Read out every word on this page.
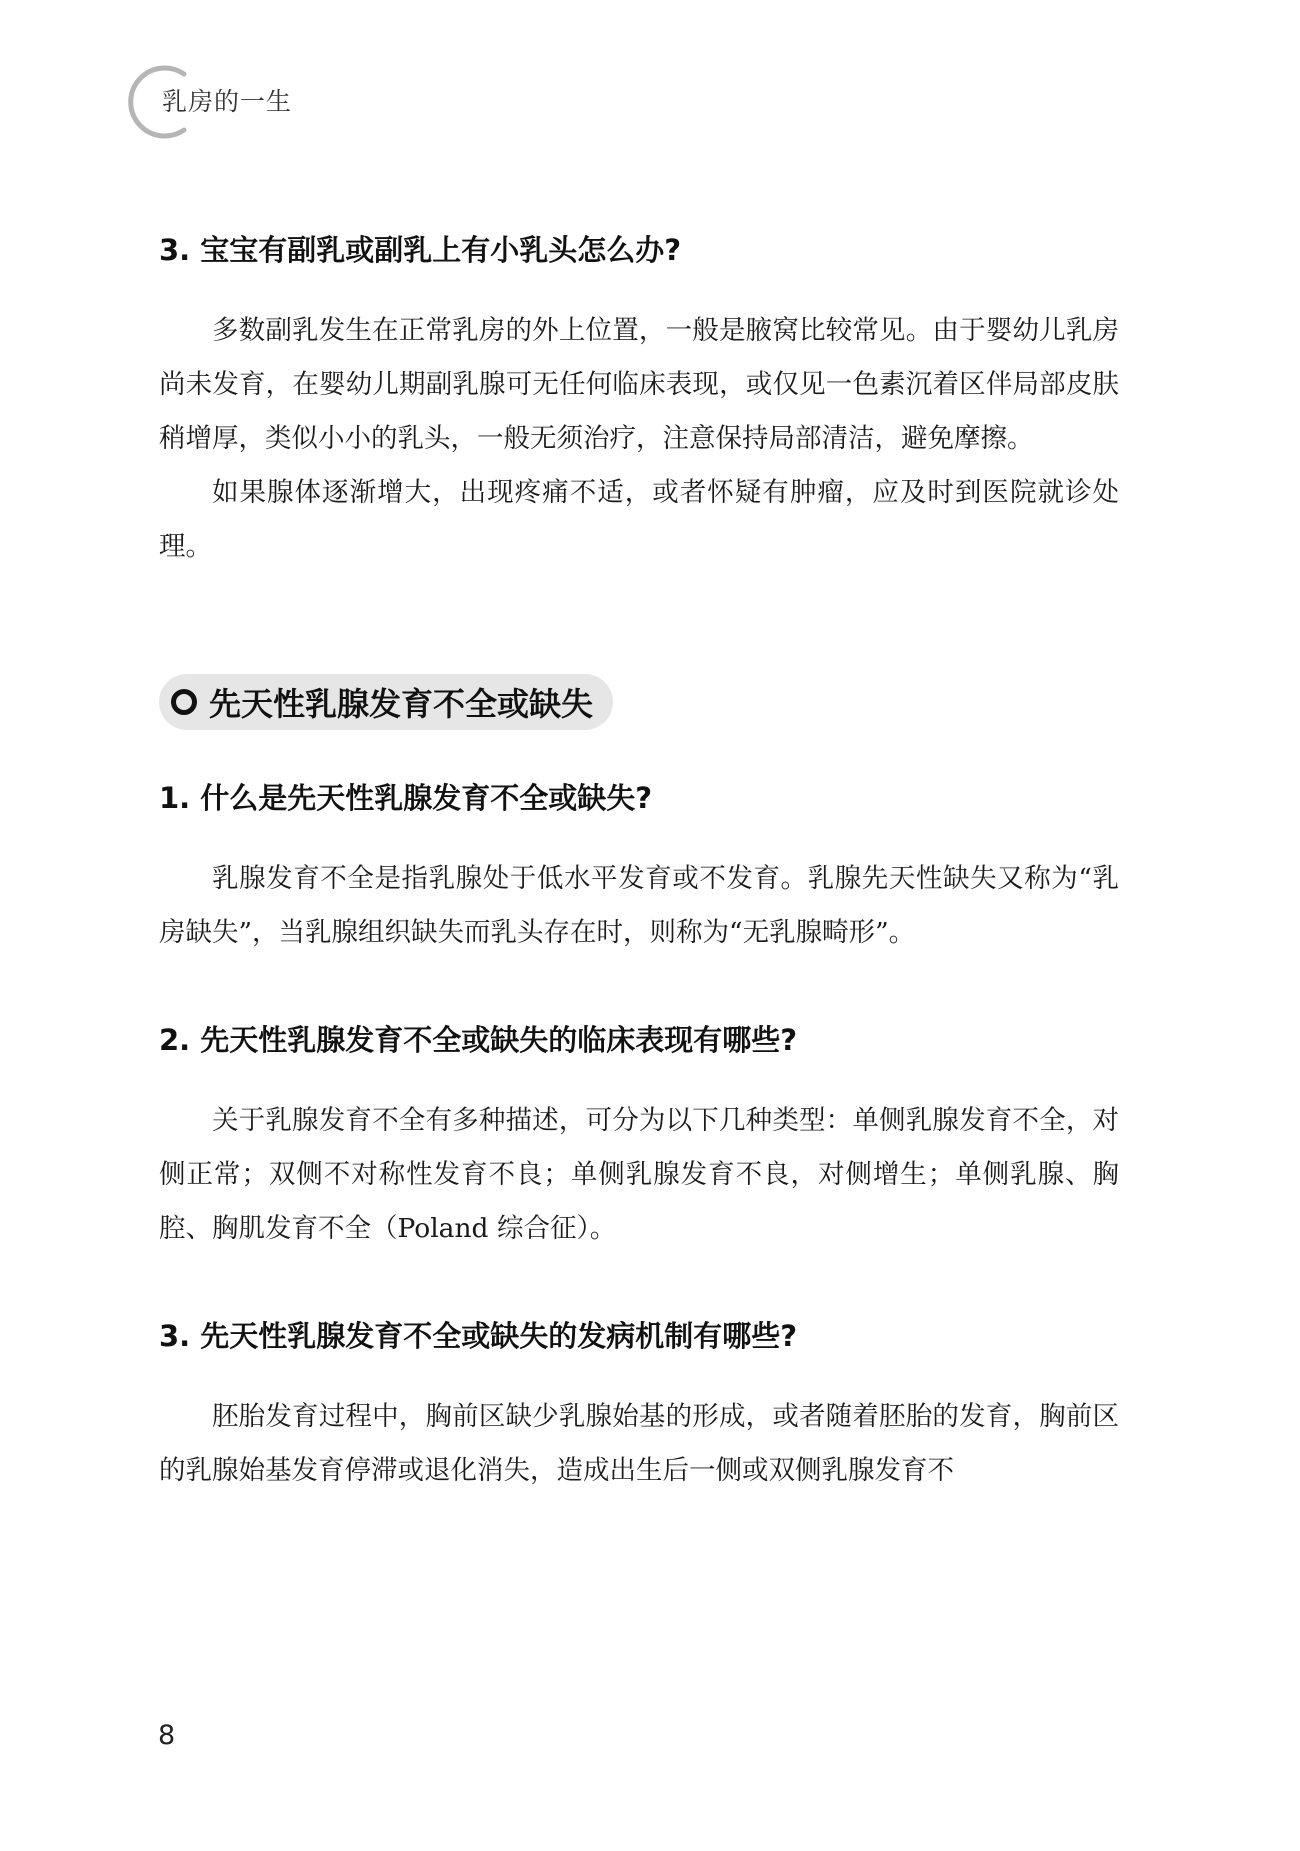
乳房的一生
3. 宝宝有副乳或副乳上有小乳头怎么办?

多数副乳发生在正常乳房的外上位置，一般是腋窝比较常见。由于婴幼儿乳房尚未发育，在婴幼儿期副乳腺可无任何临床表现，或仅见一色素沉着区伴局部皮肤稍增厚，类似小小的乳头，一般无须治疗，注意保持局部清洁，避免摩擦。

如果腺体逐渐增大，出现疼痛不适，或者怀疑有肿瘤，应及时到医院就诊处理。

先天性乳腺发育不全或缺失
1. 什么是先天性乳腺发育不全或缺失?

乳腺发育不全是指乳腺处于低水平发育或不发育。乳腺先天性缺失又称为“乳房缺失”，当乳腺组织缺失而乳头存在时，则称为“无乳腺畸形”。

2. 先天性乳腺发育不全或缺失的临床表现有哪些?

关于乳腺发育不全有多种描述，可分为以下几种类型：单侧乳腺发育不全，对侧正常；双侧不对称性发育不良；单侧乳腺发育不良，对侧增生；单侧乳腺、胸腔、胸肌发育不全（Poland 综合征）。

3. 先天性乳腺发育不全或缺失的发病机制有哪些?

胚胎发育过程中，胸前区缺少乳腺始基的形成，或者随着胚胎的发育，胸前区的乳腺始基发育停滞或退化消失，造成出生后一侧或双侧乳腺发育不

8
